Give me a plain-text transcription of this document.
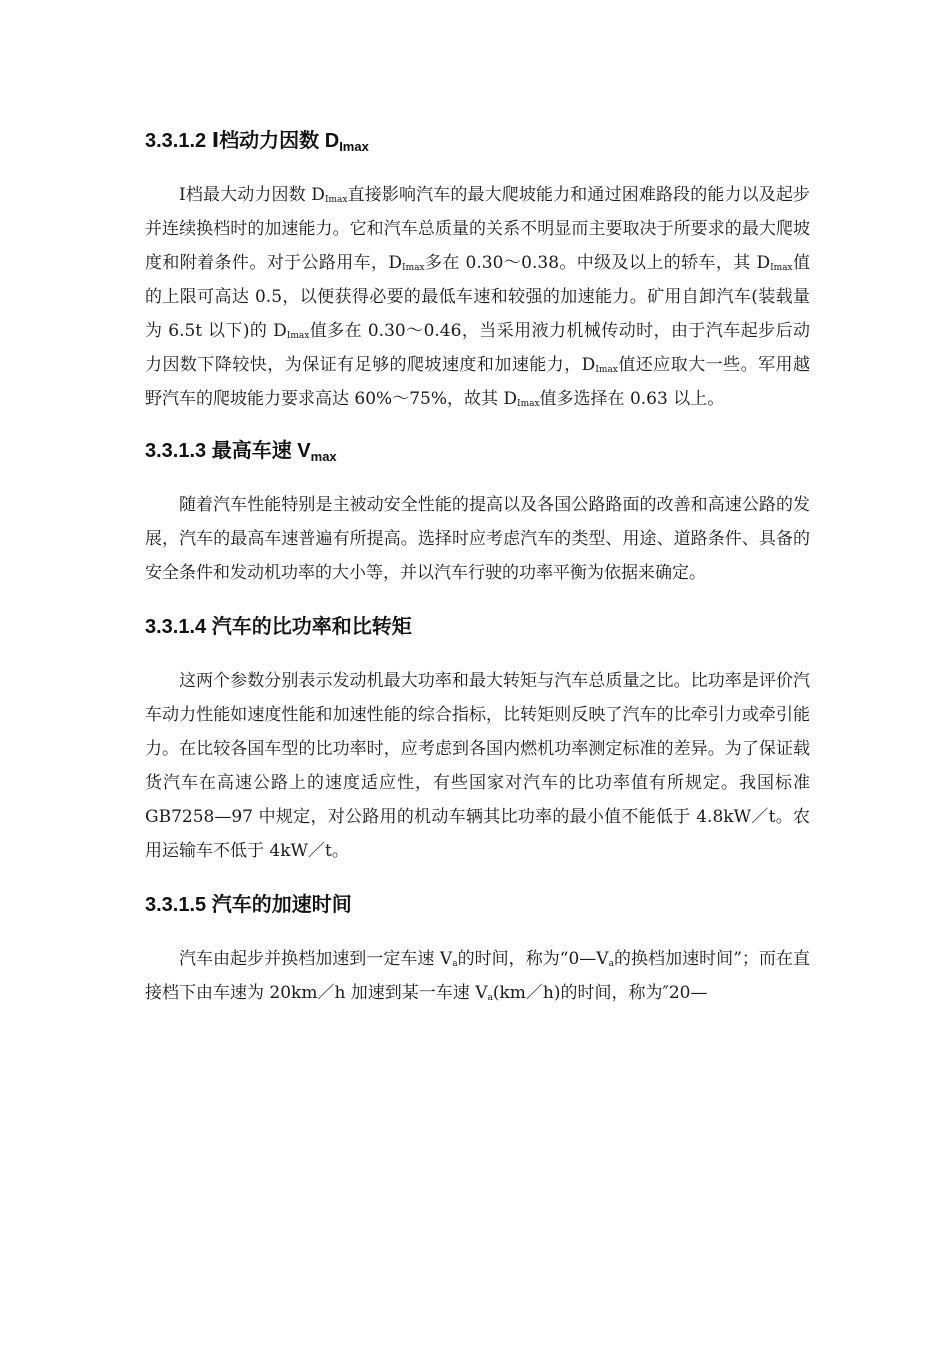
3.3.1.2 Ⅰ档动力因数 $D_{Imax}$

Ⅰ档最大动力因数 $D_{Imax}$直接影响汽车的最大爬坡能力和通过困难路段的能力以及起步并连续换档时的加速能力。它和汽车总质量的关系不明显而主要取决于所要求的最大爬坡度和附着条件。对于公路用车，$D_{Imax}$多在 0.30～0.38。中级及以上的轿车，其 $D_{Imax}$值的上限可高达 0.5，以便获得必要的最低车速和较强的加速能力。矿用自卸汽车(装载量为 6.5t 以下)的 $D_{Imax}$值多在 0.30～0.46，当采用液力机械传动时，由于汽车起步后动力因数下降较快，为保证有足够的爬坡速度和加速能力，$D_{Imax}$值还应取大一些。军用越野汽车的爬坡能力要求高达 60%～75%，故其 $D_{Imax}$值多选择在 0.63 以上。

3.3.1.3 最高车速 $V_{max}$

随着汽车性能特别是主被动安全性能的提高以及各国公路路面的改善和高速公路的发展，汽车的最高车速普遍有所提高。选择时应考虑汽车的类型、用途、道路条件、具备的安全条件和发动机功率的大小等，并以汽车行驶的功率平衡为依据来确定。

3.3.1.4 汽车的比功率和比转矩

这两个参数分别表示发动机最大功率和最大转矩与汽车总质量之比。比功率是评价汽车动力性能如速度性能和加速性能的综合指标，比转矩则反映了汽车的比牵引力或牵引能力。在比较各国车型的比功率时，应考虑到各国内燃机功率测定标准的差异。为了保证载货汽车在高速公路上的速度适应性，有些国家对汽车的比功率值有所规定。我国标准 GB7258—97 中规定，对公路用的机动车辆其比功率的最小值不能低于 4.8kW／t。农用运输车不低于 4kW／t。

3.3.1.5 汽车的加速时间

汽车由起步并换档加速到一定车速 $V_a$的时间，称为“$0—V_a$的换档加速时间”；而在直接档下由车速为 20km／h 加速到某一车速 $V_a(km/h)$的时间，称为″20—
